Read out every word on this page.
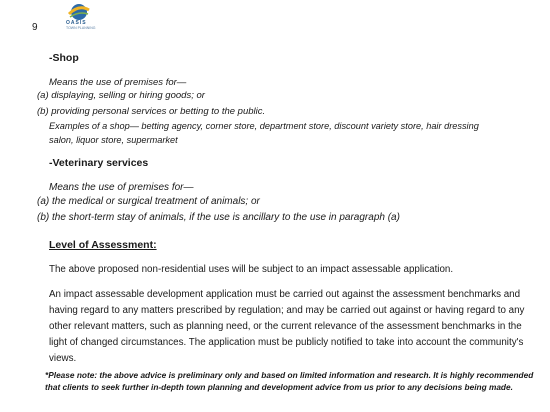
9	OASIS
TOWN PLANNING
-Shop
Means the use of premises for—
(a) displaying, selling or hiring goods; or
(b) providing personal services or betting to the public.
Examples of a shop— betting agency, corner store, department store, discount variety store, hair dressing
salon, liquor store, supermarket
-Veterinary services
Means the use of premises for—
(a) the medical or surgical treatment of animals; or
(b) the short-term stay of animals, if the use is ancillary to the use in paragraph (a)
Level of Assessment:
The above proposed non-residential uses will be subject to an impact assessable application.
An impact assessable development application must be carried out against the assessment benchmarks and having regard to any matters prescribed by regulation; and may be carried out against or having regard to any other relevant matters, such as planning need, or the current relevance of the assessment benchmarks in the light of changed circumstances. The application must be publicly notified to take into account the community's views.
*Please note: the above advice is preliminary only and based on limited information and research. It is highly recommended that clients to seek further in-depth town planning and development advice from us prior to any decisions being made.
